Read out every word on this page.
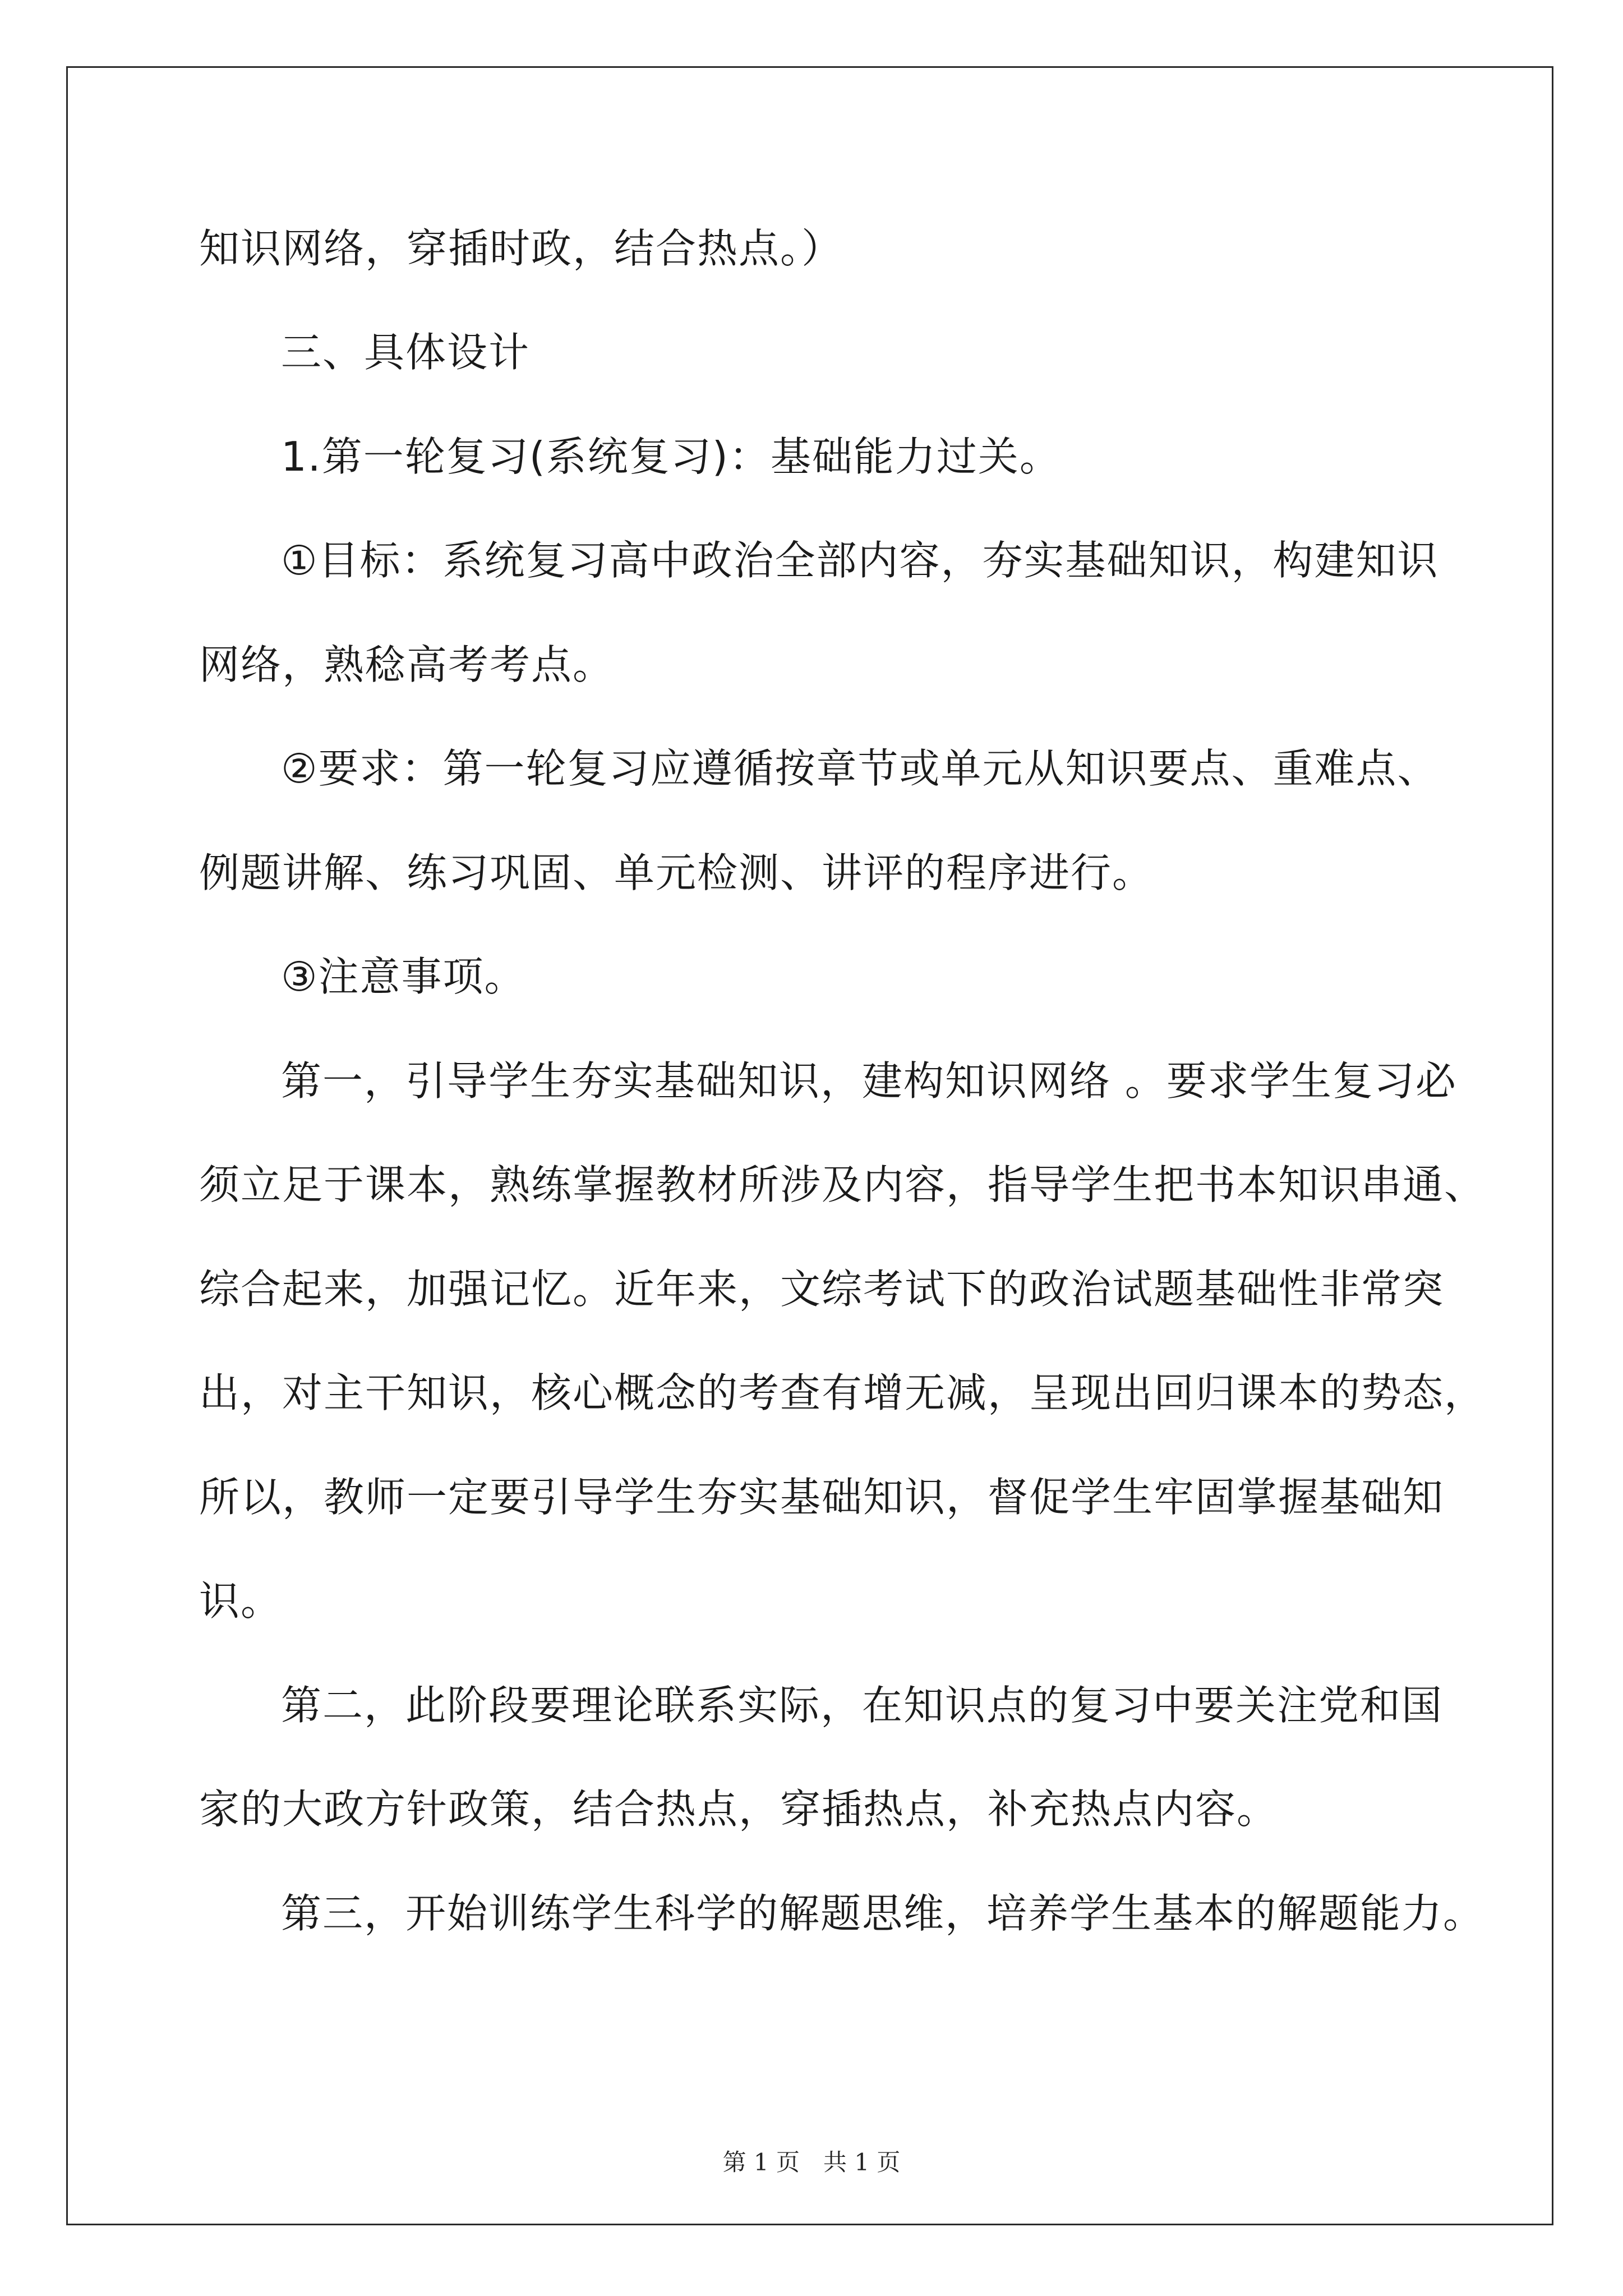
知识网络，穿插时政，结合热点。）
三、具体设计
1.第一轮复习(系统复习)：基础能力过关。
①目标：系统复习高中政治全部内容，夯实基础知识，构建知识
网络，熟稔高考考点。
②要求：第一轮复习应遵循按章节或单元从知识要点、重难点、
例题讲解、练习巩固、单元检测、讲评的程序进行。
③注意事项。
第一，引导学生夯实基础知识，建构知识网络 。要求学生复习必
须立足于课本，熟练掌握教材所涉及内容，指导学生把书本知识串通、
综合起来，加强记忆。近年来，文综考试下的政治试题基础性非常突
出，对主干知识，核心概念的考查有增无减，呈现出回归课本的势态，
所以，教师一定要引导学生夯实基础知识，督促学生牢固掌握基础知
识。
第二，此阶段要理论联系实际，在知识点的复习中要关注党和国
家的大政方针政策，结合热点，穿插热点，补充热点内容。
第三，开始训练学生科学的解题思维，培养学生基本的解题能力。
第 1 页　共 1 页
